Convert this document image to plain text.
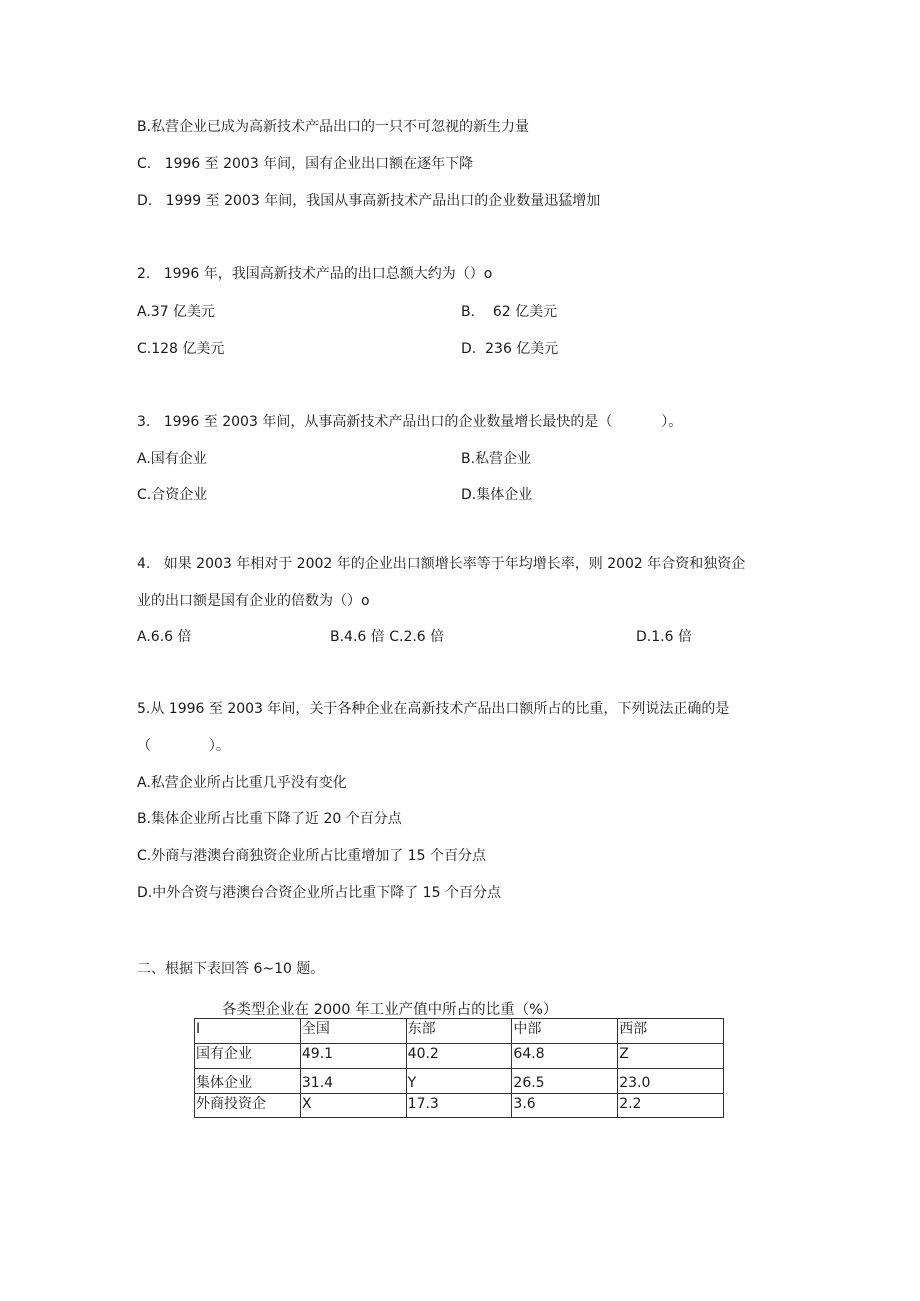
B.私营企业已成为高新技术产品出口的一只不可忽视的新生力量
C.   1996 至 2003 年间，国有企业出口额在逐年下降
D.   1999 至 2003 年间，我国从事高新技术产品出口的企业数量迅猛增加
2.   1996 年，我国高新技术产品的出口总额大约为（）o
A.37 亿美元	B.    62 亿美元
C.128 亿美元	D.  236 亿美元
3.   1996 至 2003 年间，从事高新技术产品出口的企业数量增长最快的是（           ）。
A.国有企业	B.私营企业
C.合资企业	D.集体企业
4.   如果 2003 年相对于 2002 年的企业出口额增长率等于年均增长率，则 2002 年合资和独资企
业的出口额是国有企业的倍数为（）o
A.6.6 倍	B.4.6 倍 C.2.6 倍	D.1.6 倍
5.从 1996 至 2003 年间，关于各种企业在高新技术产品出口额所占的比重，下列说法正确的是
（             ）。
A.私营企业所占比重几乎没有变化
B.集体企业所占比重下降了近 20 个百分点
C.外商与港澳台商独资企业所占比重增加了 15 个百分点
D.中外合资与港澳台合资企业所占比重下降了 15 个百分点
二、根据下表回答 6~10 题。
各类型企业在 2000 年工业产值中所占的比重（%）
I	全国	东部	中部	西部
国有企业	49.1	40.2	64.8	Z
集体企业	31.4	Y	26.5	23.0
外商投资企	X	17.3	3.6	2.2
